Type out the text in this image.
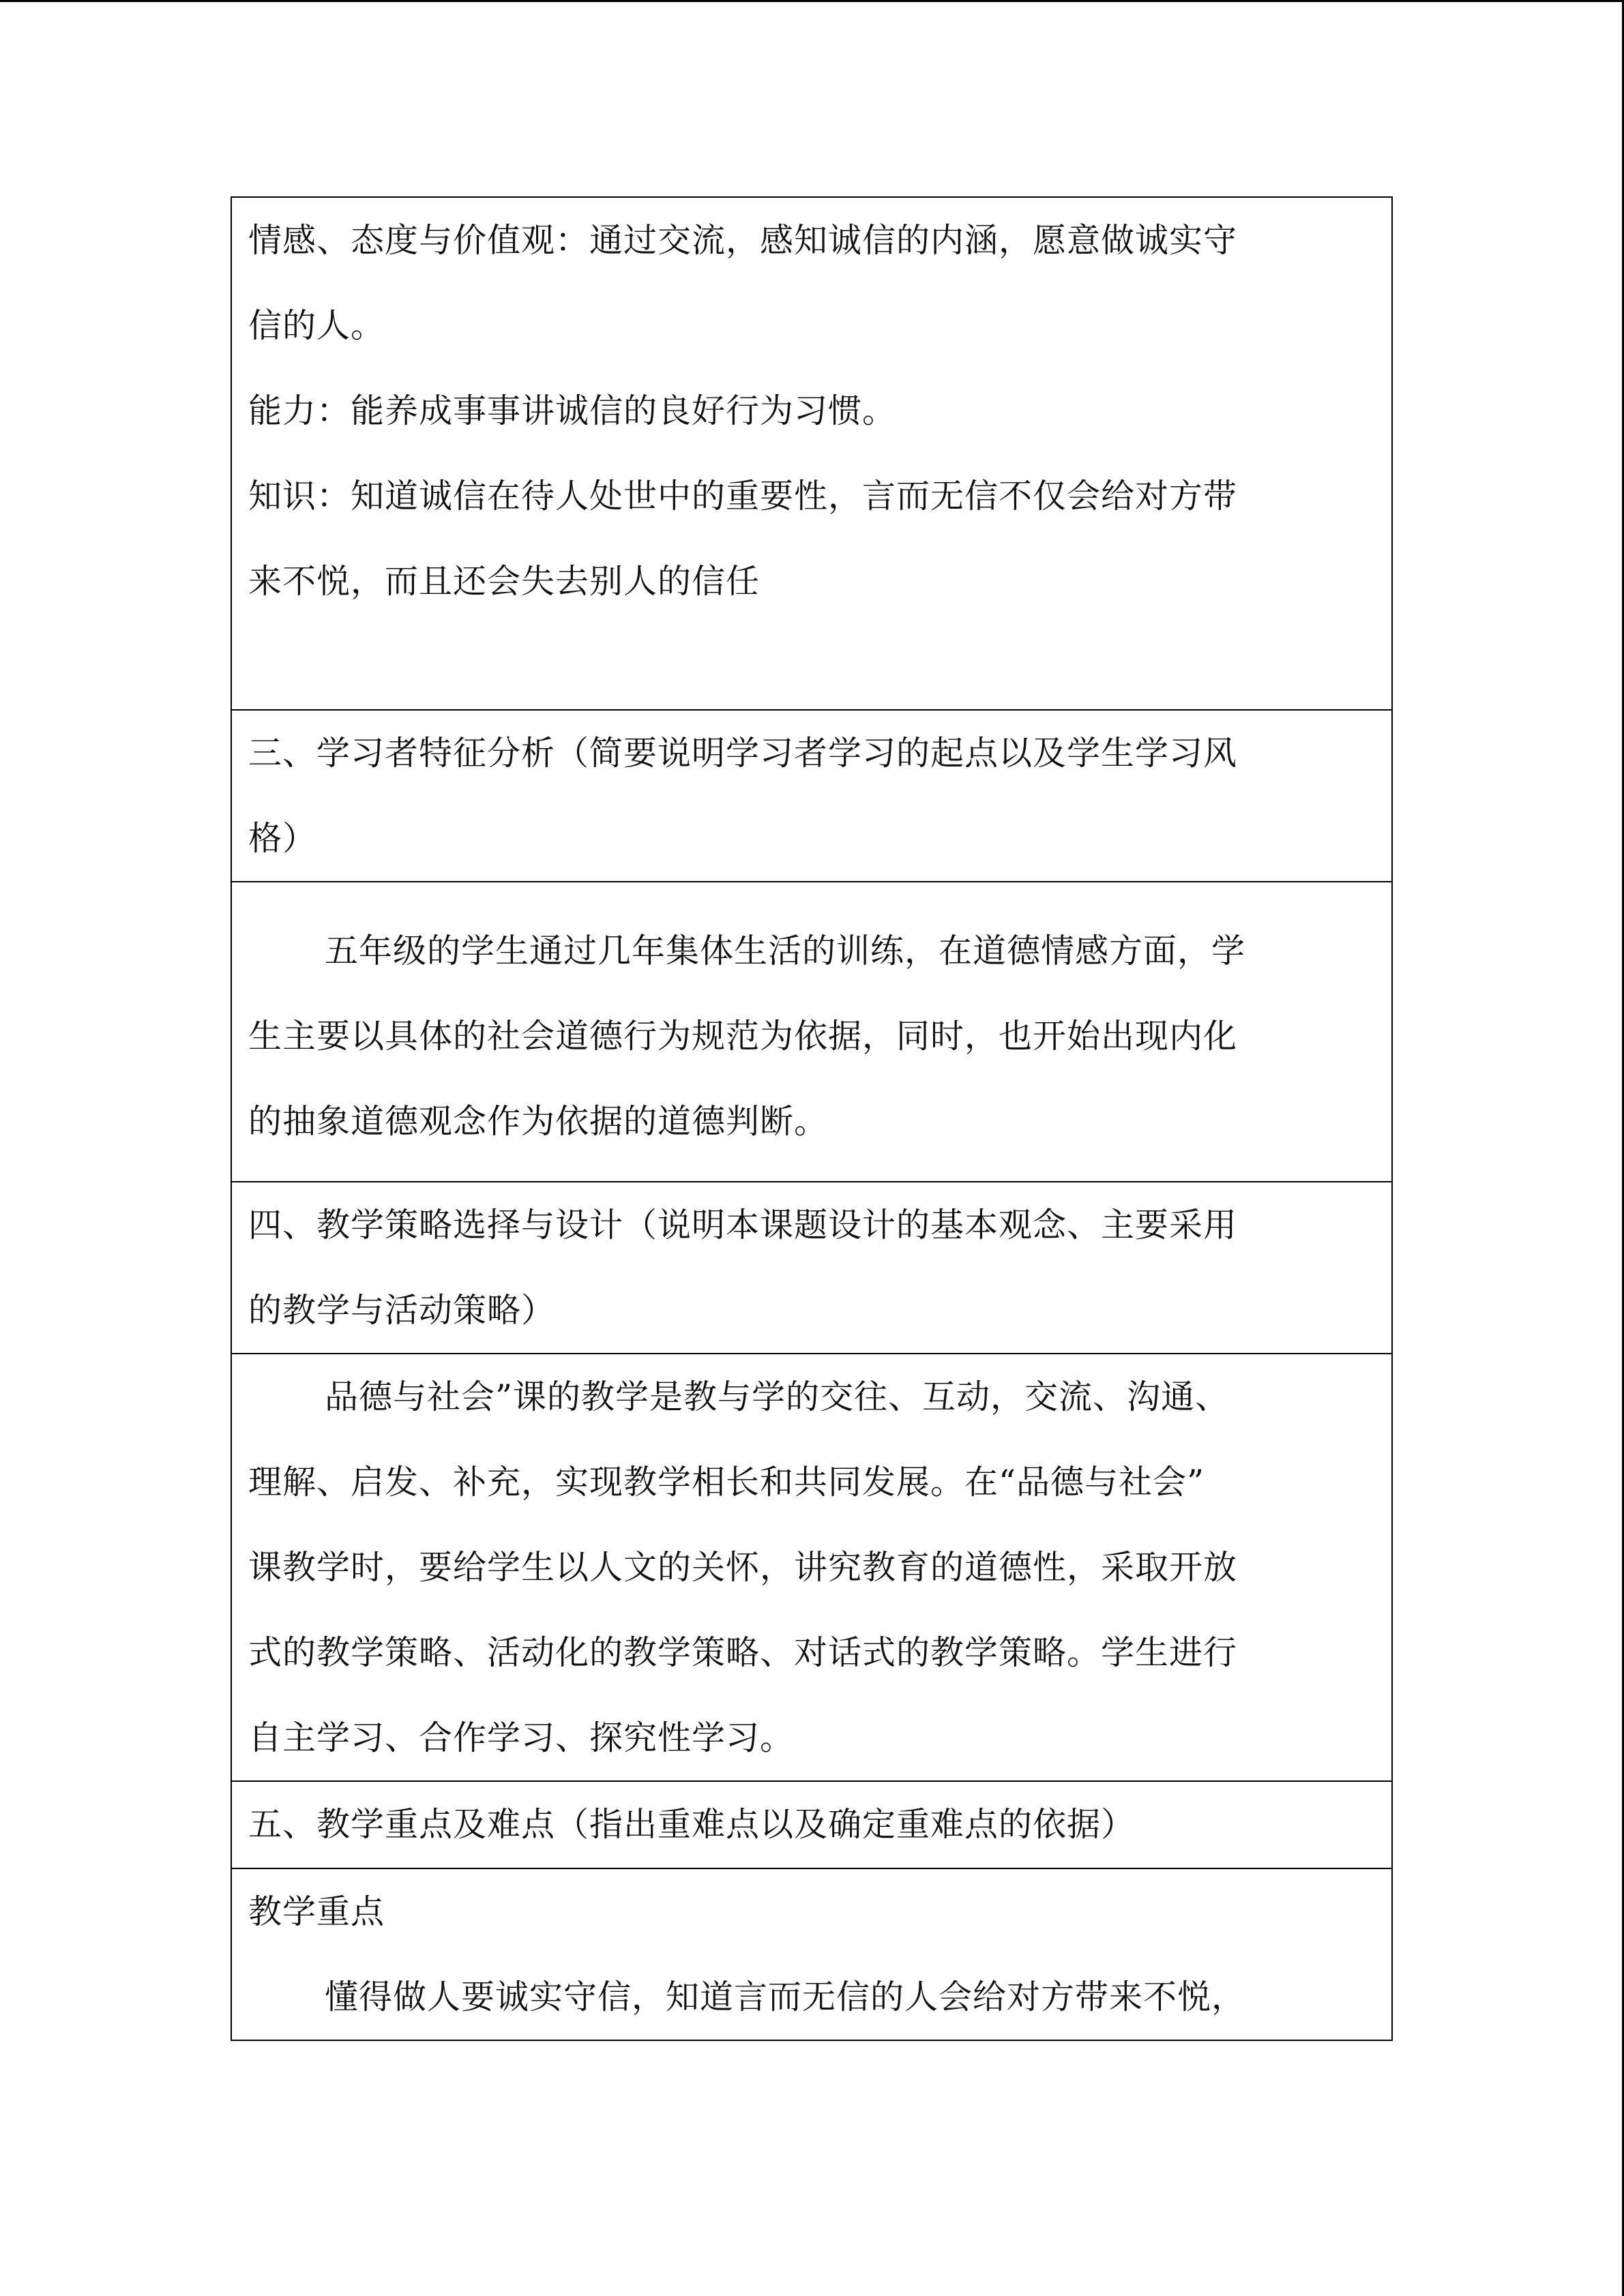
情感、态度与价值观：通过交流，感知诚信的内涵，愿意做诚实守
信的人。
能力：能养成事事讲诚信的良好行为习惯。
知识：知道诚信在待人处世中的重要性，言而无信不仅会给对方带
来不悦，而且还会失去别人的信任
三、学习者特征分析（简要说明学习者学习的起点以及学生学习风
格）
五年级的学生通过几年集体生活的训练，在道德情感方面，学
生主要以具体的社会道德行为规范为依据，同时，也开始出现内化
的抽象道德观念作为依据的道德判断。
四、教学策略选择与设计（说明本课题设计的基本观念、主要采用
的教学与活动策略）
品德与社会”课的教学是教与学的交往、互动，交流、沟通、
理解、启发、补充，实现教学相长和共同发展。在“品德与社会”
课教学时，要给学生以人文的关怀，讲究教育的道德性，采取开放
式的教学策略、活动化的教学策略、对话式的教学策略。学生进行
自主学习、合作学习、探究性学习。
五、教学重点及难点（指出重难点以及确定重难点的依据）
教学重点
懂得做人要诚实守信，知道言而无信的人会给对方带来不悦，
